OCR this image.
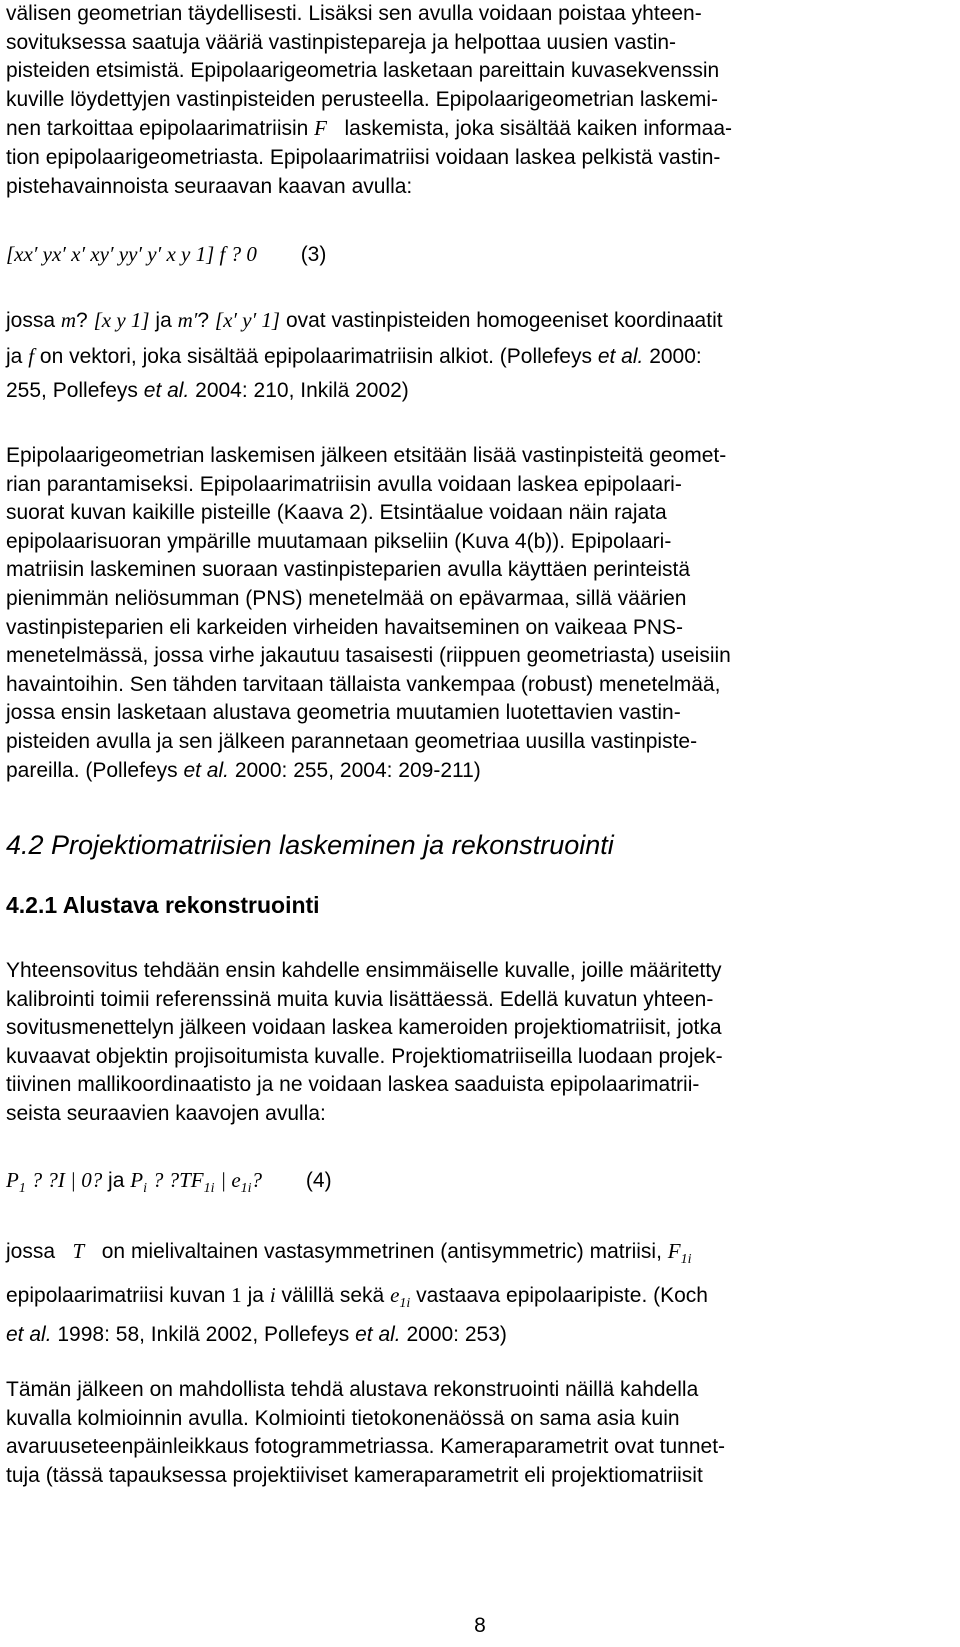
välisen geometrian täydellisesti. Lisäksi sen avulla voidaan poistaa yhteen-
sovituksessa saatuja vääriä vastinpistepareja ja helpottaa uusien vastin-
pisteiden etsimistä. Epipolaarigeometria lasketaan pareittain kuvasekvenssin
kuville löydettyjen vastinpisteiden perusteella. Epipolaarigeometrian laskemi-
nen tarkoittaa epipolaarimatriisin F laskemista, joka sisältää kaiken informaa-
tion epipolaarigeometriasta. Epipolaarimatriisi voidaan laskea pelkistä vastin-
pistehavainnoista seuraavan kaavan avulla:
[xx′ yx′ x′ xy′ yy′ y′ x y 1] f ? 0 (3)
jossa m? [x y 1] ja m′? [x′ y′ 1] ovat vastinpisteiden homogeeniset koordinaatit
ja f on vektori, joka sisältää epipolaarimatriisin alkiot. (Pollefeys et al. 2000:
255, Pollefeys et al. 2004: 210, Inkilä 2002)
Epipolaarigeometrian laskemisen jälkeen etsitään lisää vastinpisteitä geomet-
rian parantamiseksi. Epipolaarimatriisin avulla voidaan laskea epipolaari-
suorat kuvan kaikille pisteille (Kaava 2). Etsintäalue voidaan näin rajata
epipolaarisuoran ympärille muutamaan pikseliin (Kuva 4(b)). Epipolaari-
matriisin laskeminen suoraan vastinpisteparien avulla käyttäen perinteistä
pienimmän neliösumman (PNS) menetelmää on epävarmaa, sillä väärien
vastinpisteparien eli karkeiden virheiden havaitseminen on vaikeaa PNS-
menetelmässä, jossa virhe jakautuu tasaisesti (riippuen geometriasta) useisiin
havaintoihin. Sen tähden tarvitaan tällaista vankempaa (robust) menetelmää,
jossa ensin lasketaan alustava geometria muutamien luotettavien vastin-
pisteiden avulla ja sen jälkeen parannetaan geometriaa uusilla vastinpiste-
pareilla. (Pollefeys et al. 2000: 255, 2004: 209-211)
4.2 Projektiomatriisien laskeminen ja rekonstruointi
4.2.1 Alustava rekonstruointi
Yhteensovitus tehdään ensin kahdelle ensimmäiselle kuvalle, joille määritetty
kalibrointi toimii referenssinä muita kuvia lisättäessä. Edellä kuvatun yhteen-
sovitusmenettelyn jälkeen voidaan laskea kameroiden projektiomatriisit, jotka
kuvaavat objektin projisoitumista kuvalle. Projektiomatriiseilla luodaan projek-
tiivinen mallikoordinaatisto ja ne voidaan laskea saaduista epipolaarimatrii-
seista seuraavien kaavojen avulla:
$P_1$ ? ?I | 0? ja $P_i$ ? $?TF_{1i}$ | $e_{1i}$? (4)
jossa T on mielivaltainen vastasymmetrinen (antisymmetric) matriisi, $F_{1i}$
epipolaarimatriisi kuvan 1 ja i välillä sekä $e_{1i}$ vastaava epipolaaripiste. (Koch
et al. 1998: 58, Inkilä 2002, Pollefeys et al. 2000: 253)
Tämän jälkeen on mahdollista tehdä alustava rekonstruointi näillä kahdella
kuvalla kolmioinnin avulla. Kolmiointi tietokonenäössä on sama asia kuin
avaruuseteenpäinleikkaus fotogrammetriassa. Kameraparametrit ovat tunnet-
tuja (tässä tapauksessa projektiiviset kameraparametrit eli projektiomatriisit
8
